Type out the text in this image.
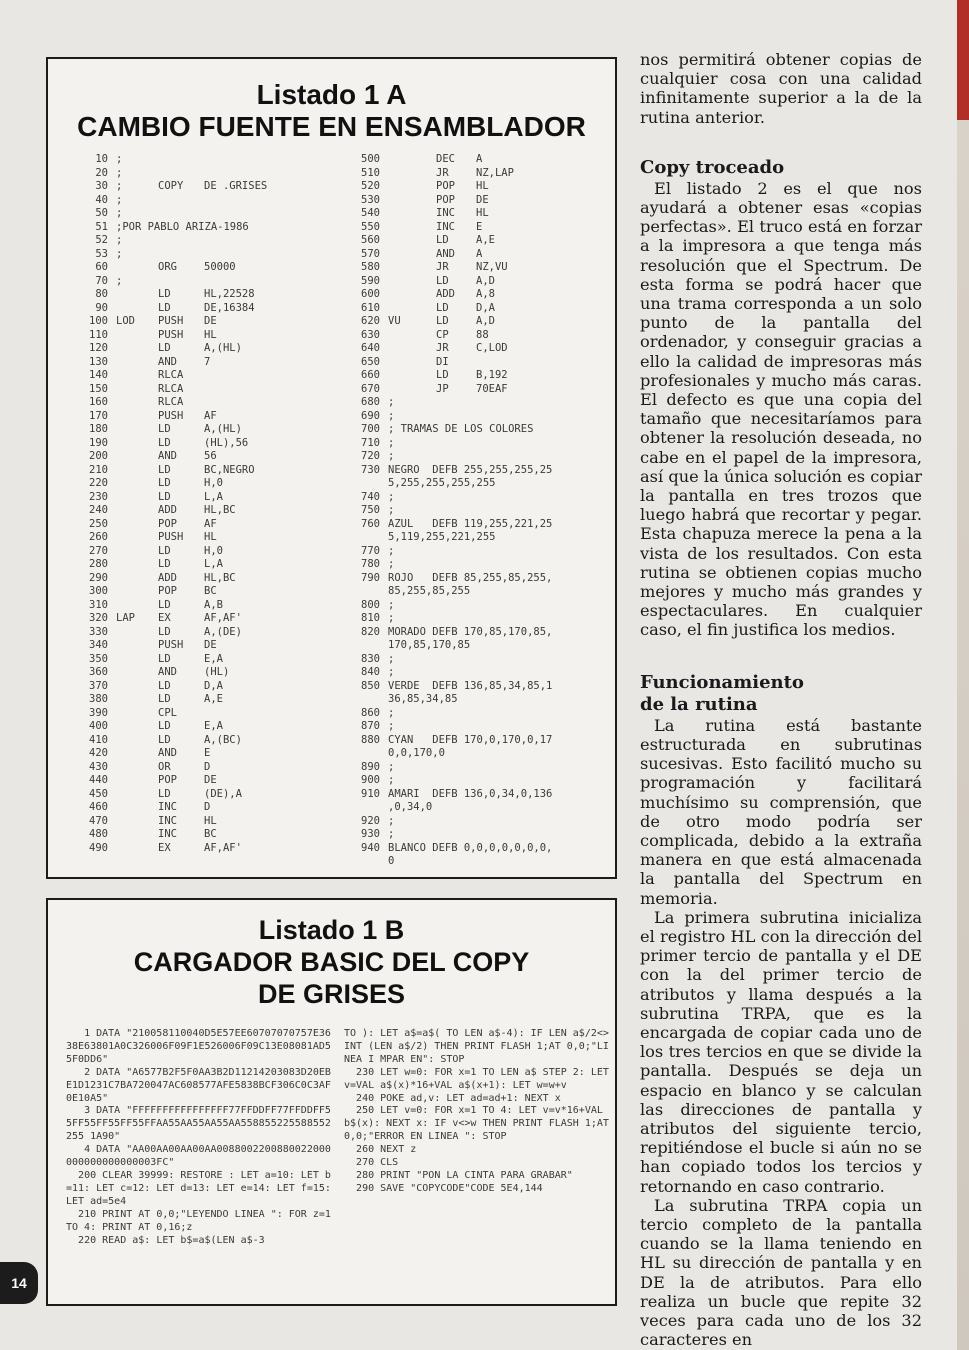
Listado 1 A
CAMBIO FUENTE EN ENSAMBLADOR
10 ;
20 ;
30 ;	COPY DE .GRISES
40 ;
50 ;
51 ;POR PABLO ARIZA-1986
52 ;
53 ;
60	ORG	50000
70 ;
80	LD	HL,22528
90	LD	DE,16384
100 LOD PUSH DE
110	PUSH HL
120	LD	A,(HL)
130	AND	7
140	RLCA
150	RLCA
160	RLCA
170	PUSH AF
180	LD	A,(HL)
190	LD	(HL),56
200	AND	56
210	LD	BC,NEGRO
220	LD	H,0
230	LD	L,A
240	ADD	HL,BC
250	POP	AF
260	PUSH HL
270	LD	H,0
280	LD	L,A
290	ADD	HL,BC
300	POP	BC
310	LD	A,B
320 LAP EX	AF,AF'
330	LD	A,(DE)
340	PUSH DE
350	LD	E,A
360	AND	(HL)
370	LD	D,A
380	LD	A,E
390	CPL
400	LD	E,A
410	LD	A,(BC)
420	AND	E
430	OR	D
440	POP	DE
450	LD	(DE),A
460	INC	D
470	INC	HL
480	INC	BC
490	EX	AF,AF'
500	DEC A
510	JR	NZ,LAP
520	POP HL
530	POP DE
540	INC HL
550	INC E
560	LD	A,E
570	AND A
580	JR	NZ,VU
590	LD	A,D
600	ADD A,8
610	LD	D,A
620 VU	LD	A,D
630	CP	88
640	JR	C,LOD
650	DI
660	LD	B,192
670	JP	70EAF
680 ;
690 ;
700 ; TRAMAS DE LOS COLORES
710 ;
720 ;
730 NEGRO  DEFB 255,255,255,25
5,255,255,255,255
740 ;
750 ;
760 AZUL   DEFB 119,255,221,25
5,119,255,221,255
770 ;
780 ;
790 ROJO   DEFB 85,255,85,255,
85,255,85,255
800 ;
810 ;
820 MORADO DEFB 170,85,170,85,
170,85,170,85
830 ;
840 ;
850 VERDE  DEFB 136,85,34,85,1
36,85,34,85
860 ;
870 ;
880 CYAN   DEFB 170,0,170,0,17
0,0,170,0
890 ;
900 ;
910 AMARI  DEFB 136,0,34,0,136
,0,34,0
920 ;
930 ;
940 BLANCO DEFB 0,0,0,0,0,0,0,
0
Listado 1 B
CARGADOR BASIC DEL COPY
DE GRISES
1 DATA "210058110040D5E57EE60707070757E3638E63801A0C326006F09F1E526006F09C13E08081AD55F0DD6"
2 DATA "A6577B2F5F0AA3B2D11214203083D20EBE1D1231C7BA720047AC608577AFE5838BCF306C0C3AF0E10A5"
3 DATA "FFFFFFFFFFFFFFFF77FFDDFF77FFDDFF55FF55FF55FF55FFAA55AA55AA55AA558855225588552255 1A90"
4 DATA "AA00AA00AA00AA0088002200880022000000000000000003FC"
200 CLEAR 39999: RESTORE : LET a=10: LET b=11: LET c=12: LET d=13: LET e=14: LET f=15: LET ad=5e4
210 PRINT AT 0,0;"LEYENDO LINEA ": FOR z=1 TO 4: PRINT AT 0,16;z
220 READ a$: LET b$=a$(LEN a$-3
TO ): LET a$=a$( TO LEN a$-4): IF LEN a$/2<>INT (LEN a$/2) THEN PRINT FLASH 1;AT 0,0;"LINEA I MPAR EN": STOP
230 LET w=0: FOR x=1 TO LEN a$ STEP 2: LET v=VAL a$(x)*16+VAL a$(x+1): LET w=w+v
240 POKE ad,v: LET ad=ad+1: NEXT x
250 LET v=0: FOR x=1 TO 4: LET v=v*16+VAL b$(x): NEXT x: IF v<>w THEN PRINT FLASH 1;AT 0,0;"ERROR EN LINEA ": STOP
260 NEXT z
270 CLS
280 PRINT "PON LA CINTA PARA GRABAR"
290 SAVE "COPYCODE"CODE 5E4,144
14

nos permitirá obtener copias de cualquier cosa con una calidad infinitamente superior a la de la rutina anterior.

Copy troceado

El listado 2 es el que nos ayudará a obtener esas «copias perfectas». El truco está en forzar a la impresora a que tenga más resolución que el Spectrum. De esta forma se podrá hacer que una trama corresponda a un solo punto de la pantalla del ordenador, y conseguir gracias a ello la calidad de impresoras más profesionales y mucho más caras. El defecto es que una copia del tamaño que necesitaríamos para obtener la resolución deseada, no cabe en el papel de la impresora, así que la única solución es copiar la pantalla en tres trozos que luego habrá que recortar y pegar. Esta chapuza merece la pena a la vista de los resultados. Con esta rutina se obtienen copias mucho mejores y mucho más grandes y espectaculares. En cualquier caso, el fin justifica los medios.

Funcionamiento
de la rutina

La rutina está bastante estructurada en subrutinas sucesivas. Esto facilitó mucho su programación y facilitará muchísimo su comprensión, que de otro modo podría ser complicada, debido a la extraña manera en que está almacenada la pantalla del Spectrum en memoria.

La primera subrutina inicializa el registro HL con la dirección del primer tercio de pantalla y el DE con la del primer tercio de atributos y llama después a la subrutina TRPA, que es la encargada de copiar cada uno de los tres tercios en que se divide la pantalla. Después se deja un espacio en blanco y se calculan las direcciones de pantalla y atributos del siguiente tercio, repitiéndose el bucle si aún no se han copiado todos los tercios y retornando en caso contrario.

La subrutina TRPA copia un tercio completo de la pantalla cuando se la llama teniendo en HL su dirección de pantalla y en DE la de atributos. Para ello realiza un bucle que repite 32 veces para cada uno de los 32 caracteres en
